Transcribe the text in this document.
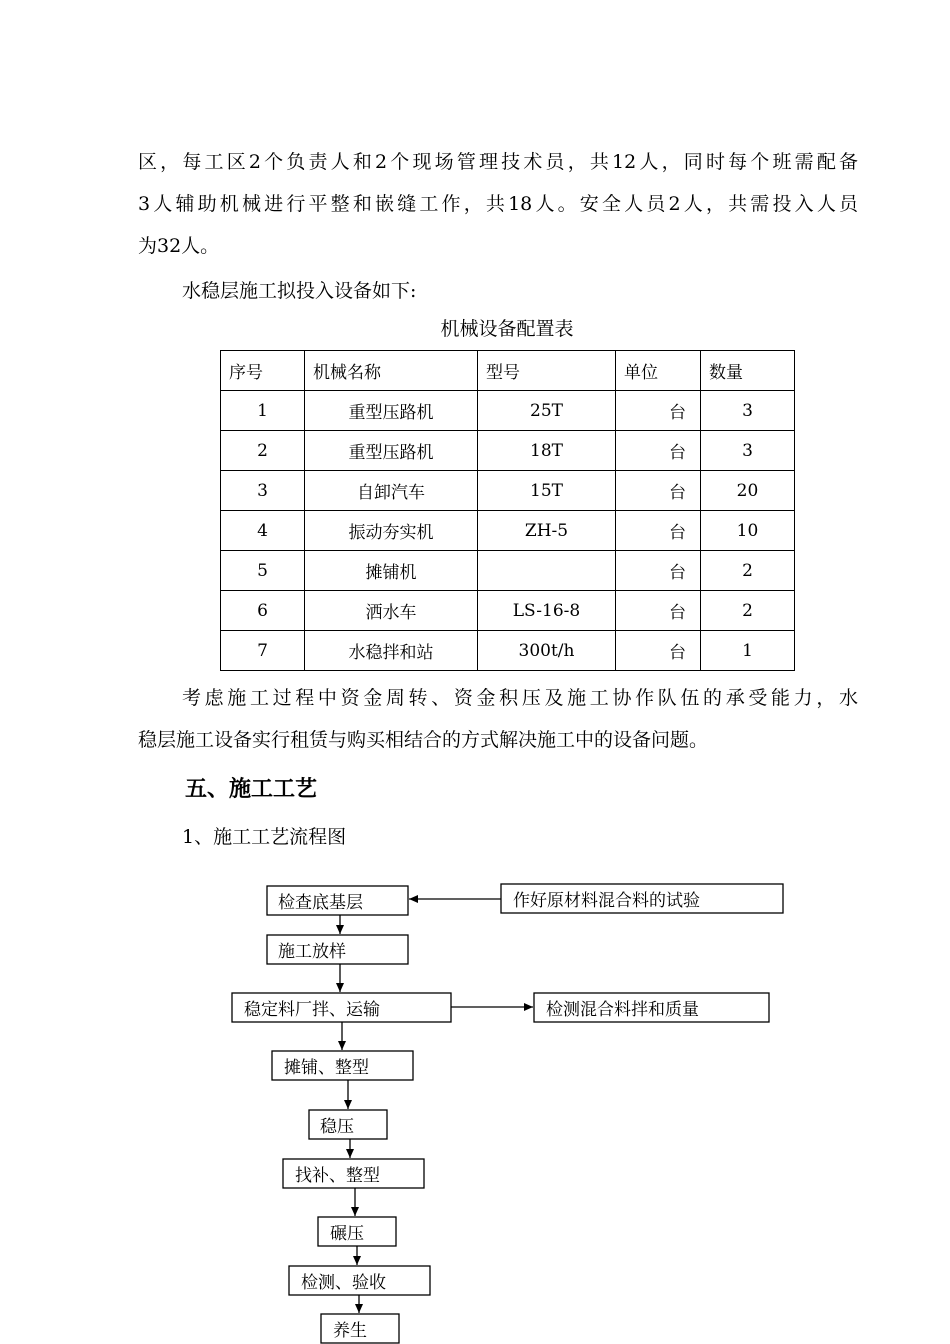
区，每工区2个负责人和2个现场管理技术员，共12人，同时每个班需配备
3人辅助机械进行平整和嵌缝工作，共18人。安全人员2人，共需投入人员
为32人。
水稳层施工拟投入设备如下:
机械设备配置表
序号	机械名称	型号	单位	数量
1	重型压路机	25T	台	3
2	重型压路机	18T	台	3
3	自卸汽车	15T	台	20
4	振动夯实机	ZH-5	台	10
5	摊铺机		台	2
6	洒水车	LS-16-8	台	2
7	水稳拌和站	300t/h	台	1
考虑施工过程中资金周转、资金积压及施工协作队伍的承受能力，水
稳层施工设备实行租赁与购买相结合的方式解决施工中的设备问题。
五、施工工艺
1、施工工艺流程图
检查底基层	作好原材料混合料的试验
施工放样
稳定料厂拌、运输	检测混合料拌和质量
摊铺、整型
稳压
找补、整型
碾压
检测、验收
养生
